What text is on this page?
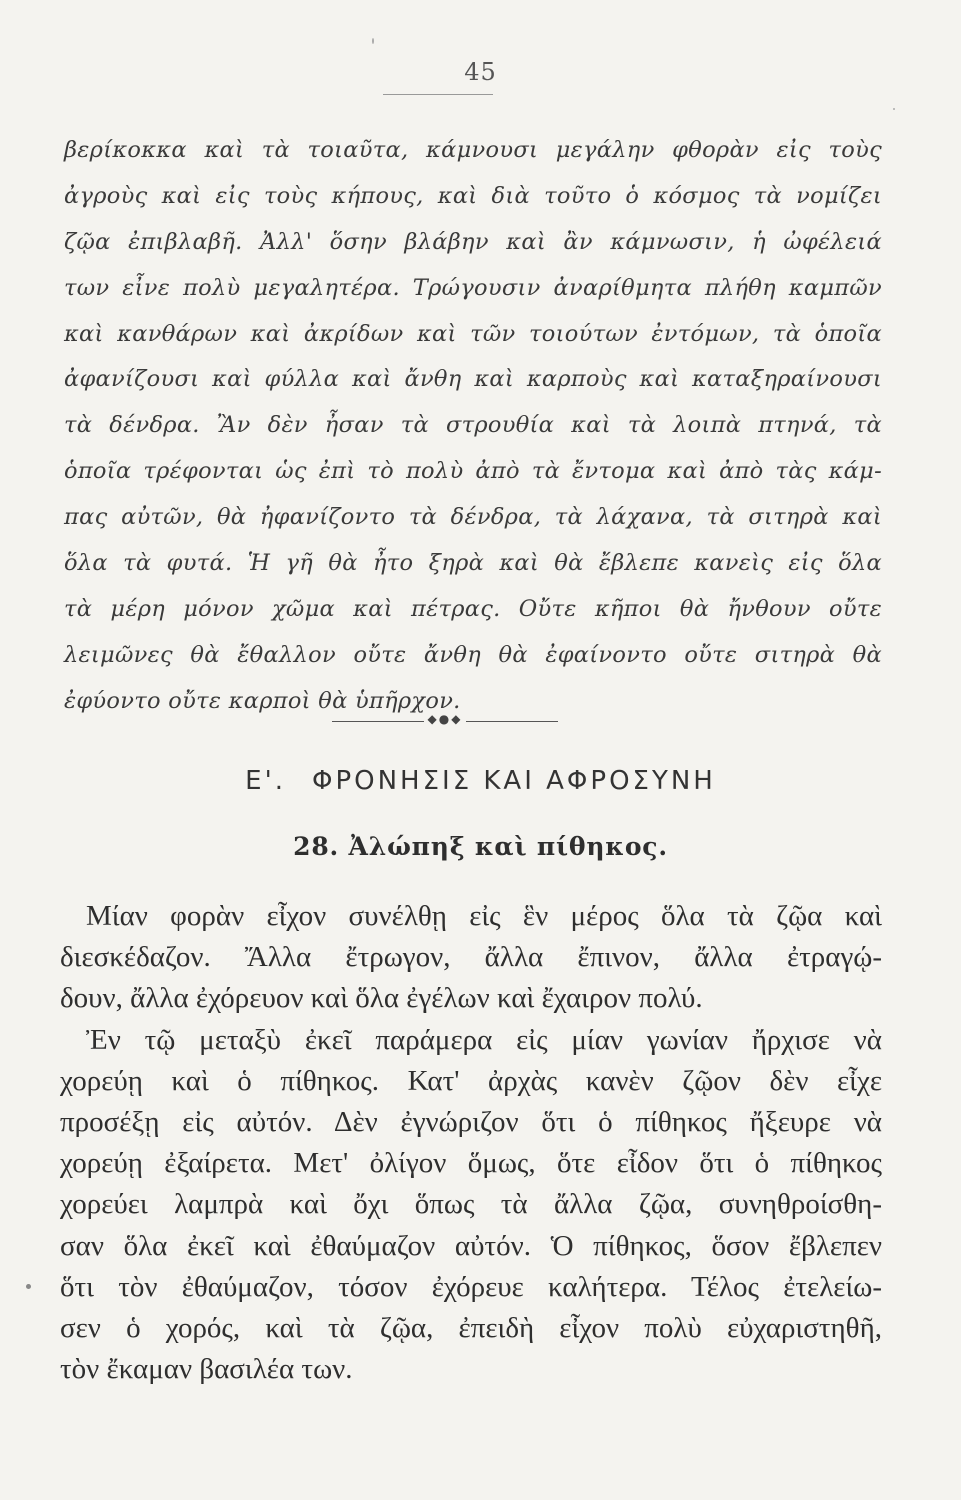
45
βερίκοκκα καὶ τὰ τοιαῦτα, κάμνουσι μεγάλην φθορὰν εἰς τοὺς
ἀγροὺς καὶ εἰς τοὺς κήπους, καὶ διὰ τοῦτο ὁ κόσμος τὰ νομίζει
ζῷα ἐπιβλαβῆ. Ἀλλ' ὅσην βλάβην καὶ ἂν κάμνωσιν, ἡ ὠφέλειά
των εἶνε πολὺ μεγαλητέρα. Τρώγουσιν ἀναρίθμητα πλήθη καμπῶν
καὶ κανθάρων καὶ ἀκρίδων καὶ τῶν τοιούτων ἐντόμων, τὰ ὁποῖα
ἀφανίζουσι καὶ φύλλα καὶ ἄνθη καὶ καρποὺς καὶ καταξηραίνουσι
τὰ δένδρα. Ἂν δὲν ἦσαν τὰ στρουθία καὶ τὰ λοιπὰ πτηνά, τὰ
ὁποῖα τρέφονται ὡς ἐπὶ τὸ πολὺ ἀπὸ τὰ ἔντομα καὶ ἀπὸ τὰς κάμ-
πας αὐτῶν, θὰ ἠφανίζοντο τὰ δένδρα, τὰ λάχανα, τὰ σιτηρὰ καὶ
ὅλα τὰ φυτά. Ἡ γῆ θὰ ἦτο ξηρὰ καὶ θὰ ἔβλεπε κανεὶς εἰς ὅλα
τὰ μέρη μόνον χῶμα καὶ πέτρας. Οὔτε κῆποι θὰ ἤνθουν οὔτε
λειμῶνες θὰ ἔθαλλον οὔτε ἄνθη θὰ ἐφαίνοντο οὔτε σιτηρὰ θὰ
ἐφύοντο οὔτε καρποὶ θὰ ὑπῆρχον.
◆●◆
Ε'. ΦΡΟΝΗΣΙΣ ΚΑΙ ΑΦΡΟΣΥΝΗ
28. Ἀλώπηξ καὶ πίθηκος.
Μίαν φορὰν εἶχον συνέλθῃ εἰς ἓν μέρος ὅλα τὰ ζῷα καὶ
διεσκέδαζον. Ἄλλα ἔτρωγον, ἄλλα ἔπινον, ἄλλα ἐτραγῴ-
δουν, ἄλλα ἐχόρευον καὶ ὅλα ἐγέλων καὶ ἔχαιρον πολύ.
Ἐν τῷ μεταξὺ ἐκεῖ παράμερα εἰς μίαν γωνίαν ἤρχισε νὰ
χορεύῃ καὶ ὁ πίθηκος. Κατ' ἀρχὰς κανὲν ζῷον δὲν εἶχε
προσέξῃ εἰς αὐτόν. Δὲν ἐγνώριζον ὅτι ὁ πίθηκος ἤξευρε νὰ
χορεύῃ ἐξαίρετα. Μετ' ὀλίγον ὅμως, ὅτε εἶδον ὅτι ὁ πίθηκος
χορεύει λαμπρὰ καὶ ὄχι ὅπως τὰ ἄλλα ζῷα, συνηθροίσθη-
σαν ὅλα ἐκεῖ καὶ ἐθαύμαζον αὐτόν. Ὁ πίθηκος, ὅσον ἔβλεπεν
ὅτι τὸν ἐθαύμαζον, τόσον ἐχόρευε καλήτερα. Τέλος ἐτελείω-
σεν ὁ χορός, καὶ τὰ ζῷα, ἐπειδὴ εἶχον πολὺ εὐχαριστηθῆ,
τὸν ἔκαμαν βασιλέα των.
